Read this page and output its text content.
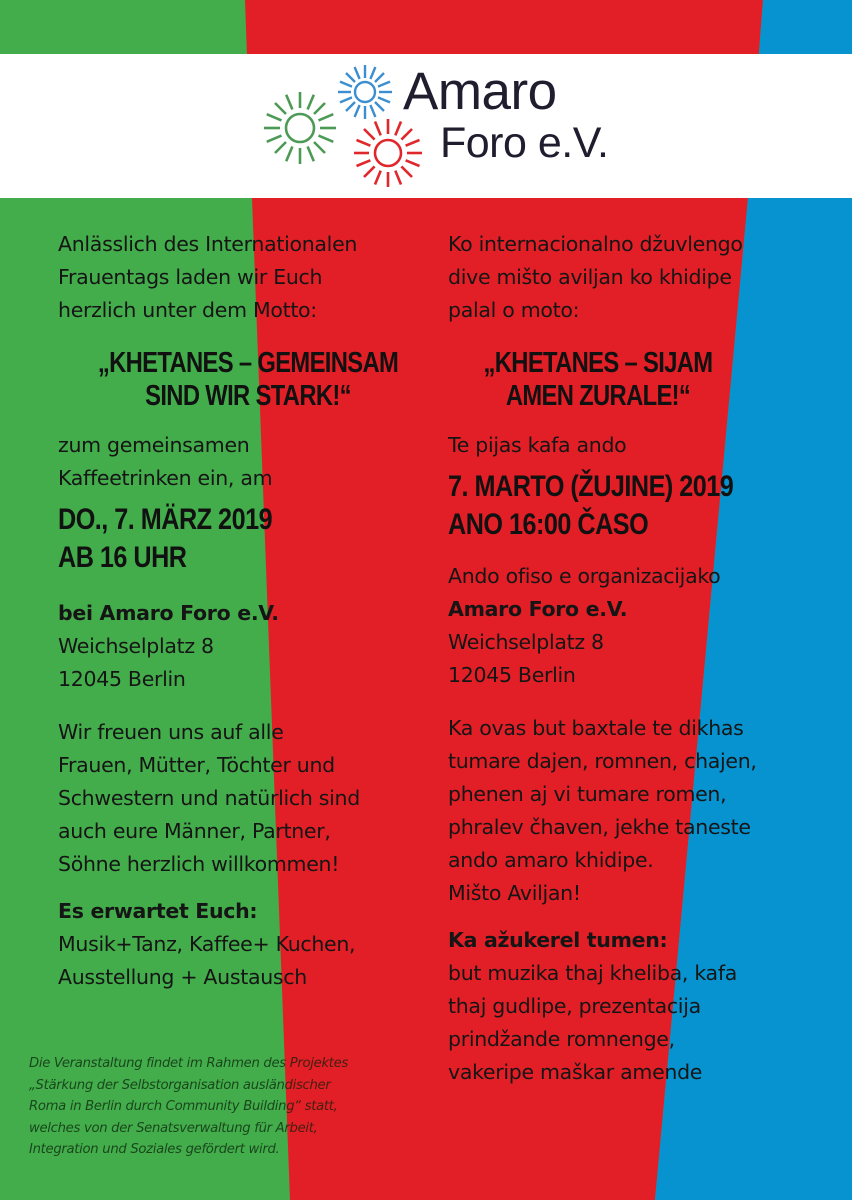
Amaro
Foro e.V.
Anlässlich des Internationalen
Frauentags laden wir Euch
herzlich unter dem Motto:
„KHETANES – GEMEINSAM
SIND WIR STARK!“
zum gemeinsamen
Kaffeetrinken ein, am
DO., 7. MÄRZ 2019
AB 16 UHR
bei Amaro Foro e.V.
Weichselplatz 8
12045 Berlin
Wir freuen uns auf alle
Frauen, Mütter, Töchter und
Schwestern und natürlich sind
auch eure Männer, Partner,
Söhne herzlich willkommen!
Es erwartet Euch:
Musik+Tanz, Kaffee+ Kuchen,
Ausstellung + Austausch
Die Veranstaltung findet im Rahmen des Projektes
„Stärkung der Selbstorganisation ausländischer
Roma in Berlin durch Community Building“ statt,
welches von der Senatsverwaltung für Arbeit,
Integration und Soziales gefördert wird.
Ko internacionalno džuvlengo
dive mišto aviljan ko khidipe
palal o moto:
„KHETANES – SIJAM
AMEN ZURALE!“
Te pijas kafa ando
7. MARTO (ŽUJINE) 2019
ANO 16:00 ČASO
Ando ofiso e organizacijako
Amaro Foro e.V.
Weichselplatz 8
12045 Berlin
Ka ovas but baxtale te dikhas
tumare dajen, romnen, chajen,
phenen aj vi tumare romen,
phralev čhaven, jekhe taneste
ando amaro khidipe.
Mišto Aviljan!
Ka ažukerel tumen:
but muzika thaj kheliba, kafa
thaj gudlipe, prezentacija
prindžande romnenge,
vakeripe maškar amende
